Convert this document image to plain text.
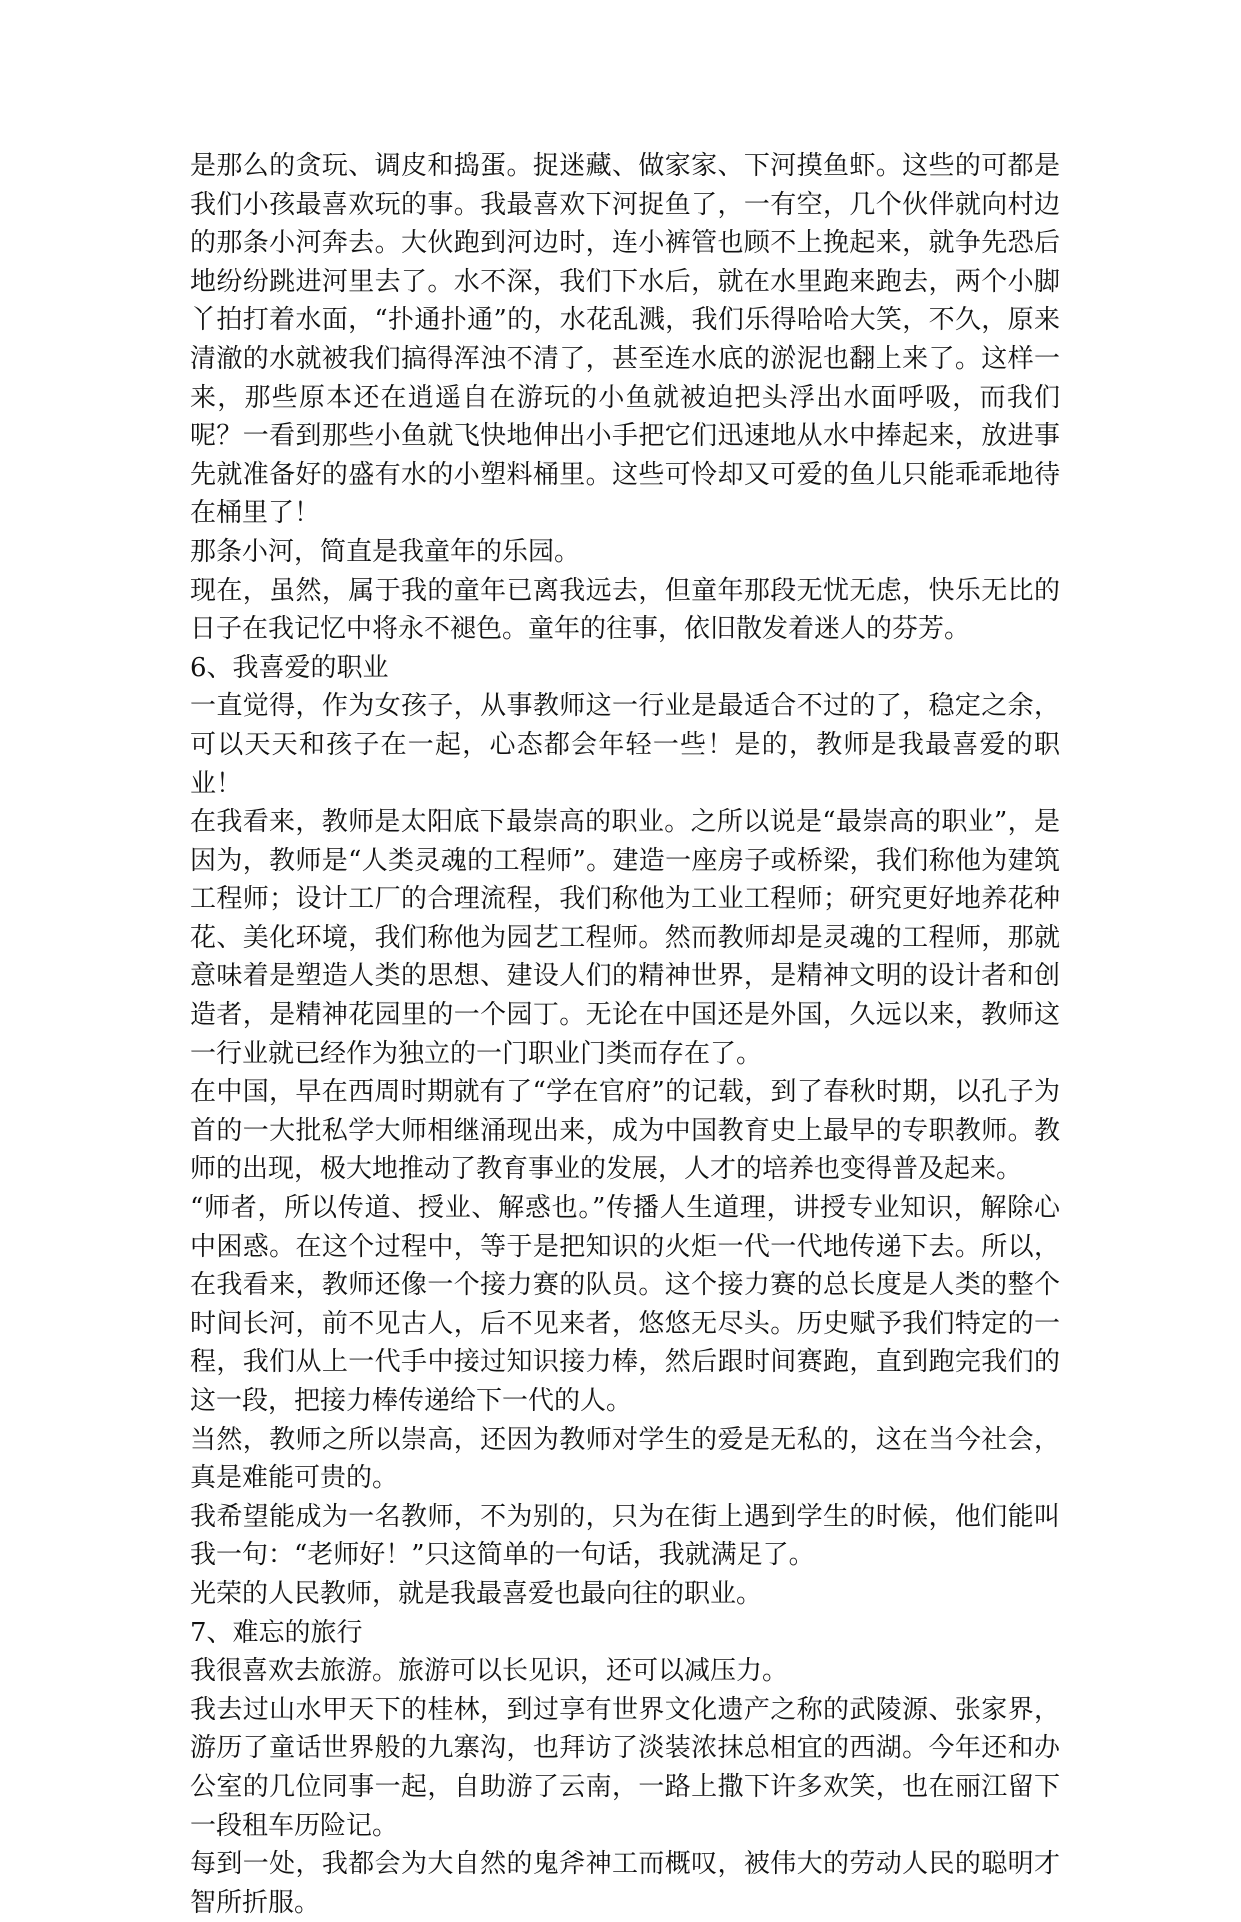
是那么的贪玩、调皮和捣蛋。捉迷藏、做家家、下河摸鱼虾。这些的可都是我们小孩最喜欢玩的事。我最喜欢下河捉鱼了，一有空，几个伙伴就向村边的那条小河奔去。大伙跑到河边时，连小裤管也顾不上挽起来，就争先恐后地纷纷跳进河里去了。水不深，我们下水后，就在水里跑来跑去，两个小脚丫拍打着水面，“扑通扑通”的，水花乱溅，我们乐得哈哈大笑，不久，原来清澈的水就被我们搞得浑浊不清了，甚至连水底的淤泥也翻上来了。这样一来，那些原本还在逍遥自在游玩的小鱼就被迫把头浮出水面呼吸，而我们呢？一看到那些小鱼就飞快地伸出小手把它们迅速地从水中捧起来，放进事先就准备好的盛有水的小塑料桶里。这些可怜却又可爱的鱼儿只能乖乖地待在桶里了！

那条小河，简直是我童年的乐园。

现在，虽然，属于我的童年已离我远去，但童年那段无忧无虑，快乐无比的日子在我记忆中将永不褪色。童年的往事，依旧散发着迷人的芬芳。

6、我喜爱的职业

一直觉得，作为女孩子，从事教师这一行业是最适合不过的了，稳定之余，可以天天和孩子在一起，心态都会年轻一些！是的，教师是我最喜爱的职业！

在我看来，教师是太阳底下最崇高的职业。之所以说是“最崇高的职业”，是因为，教师是“人类灵魂的工程师”。建造一座房子或桥梁，我们称他为建筑工程师；设计工厂的合理流程，我们称他为工业工程师；研究更好地养花种花、美化环境，我们称他为园艺工程师。然而教师却是灵魂的工程师，那就意味着是塑造人类的思想、建设人们的精神世界，是精神文明的设计者和创造者，是精神花园里的一个园丁。无论在中国还是外国，久远以来，教师这一行业就已经作为独立的一门职业门类而存在了。

在中国，早在西周时期就有了“学在官府”的记载，到了春秋时期，以孔子为首的一大批私学大师相继涌现出来，成为中国教育史上最早的专职教师。教师的出现，极大地推动了教育事业的发展，人才的培养也变得普及起来。

“师者，所以传道、授业、解惑也。”传播人生道理，讲授专业知识，解除心中困惑。在这个过程中，等于是把知识的火炬一代一代地传递下去。所以，在我看来，教师还像一个接力赛的队员。这个接力赛的总长度是人类的整个时间长河，前不见古人，后不见来者，悠悠无尽头。历史赋予我们特定的一程，我们从上一代手中接过知识接力棒，然后跟时间赛跑，直到跑完我们的这一段，把接力棒传递给下一代的人。

当然，教师之所以崇高，还因为教师对学生的爱是无私的，这在当今社会，真是难能可贵的。

我希望能成为一名教师，不为别的，只为在街上遇到学生的时候，他们能叫我一句：“老师好！”只这简单的一句话，我就满足了。

光荣的人民教师，就是我最喜爱也最向往的职业。

7、难忘的旅行

我很喜欢去旅游。旅游可以长见识，还可以减压力。

我去过山水甲天下的桂林，到过享有世界文化遗产之称的武陵源、张家界，游历了童话世界般的九寨沟，也拜访了淡装浓抹总相宜的西湖。今年还和办公室的几位同事一起，自助游了云南，一路上撒下许多欢笑，也在丽江留下一段租车历险记。

每到一处，我都会为大自然的鬼斧神工而概叹，被伟大的劳动人民的聪明才智所折服。
